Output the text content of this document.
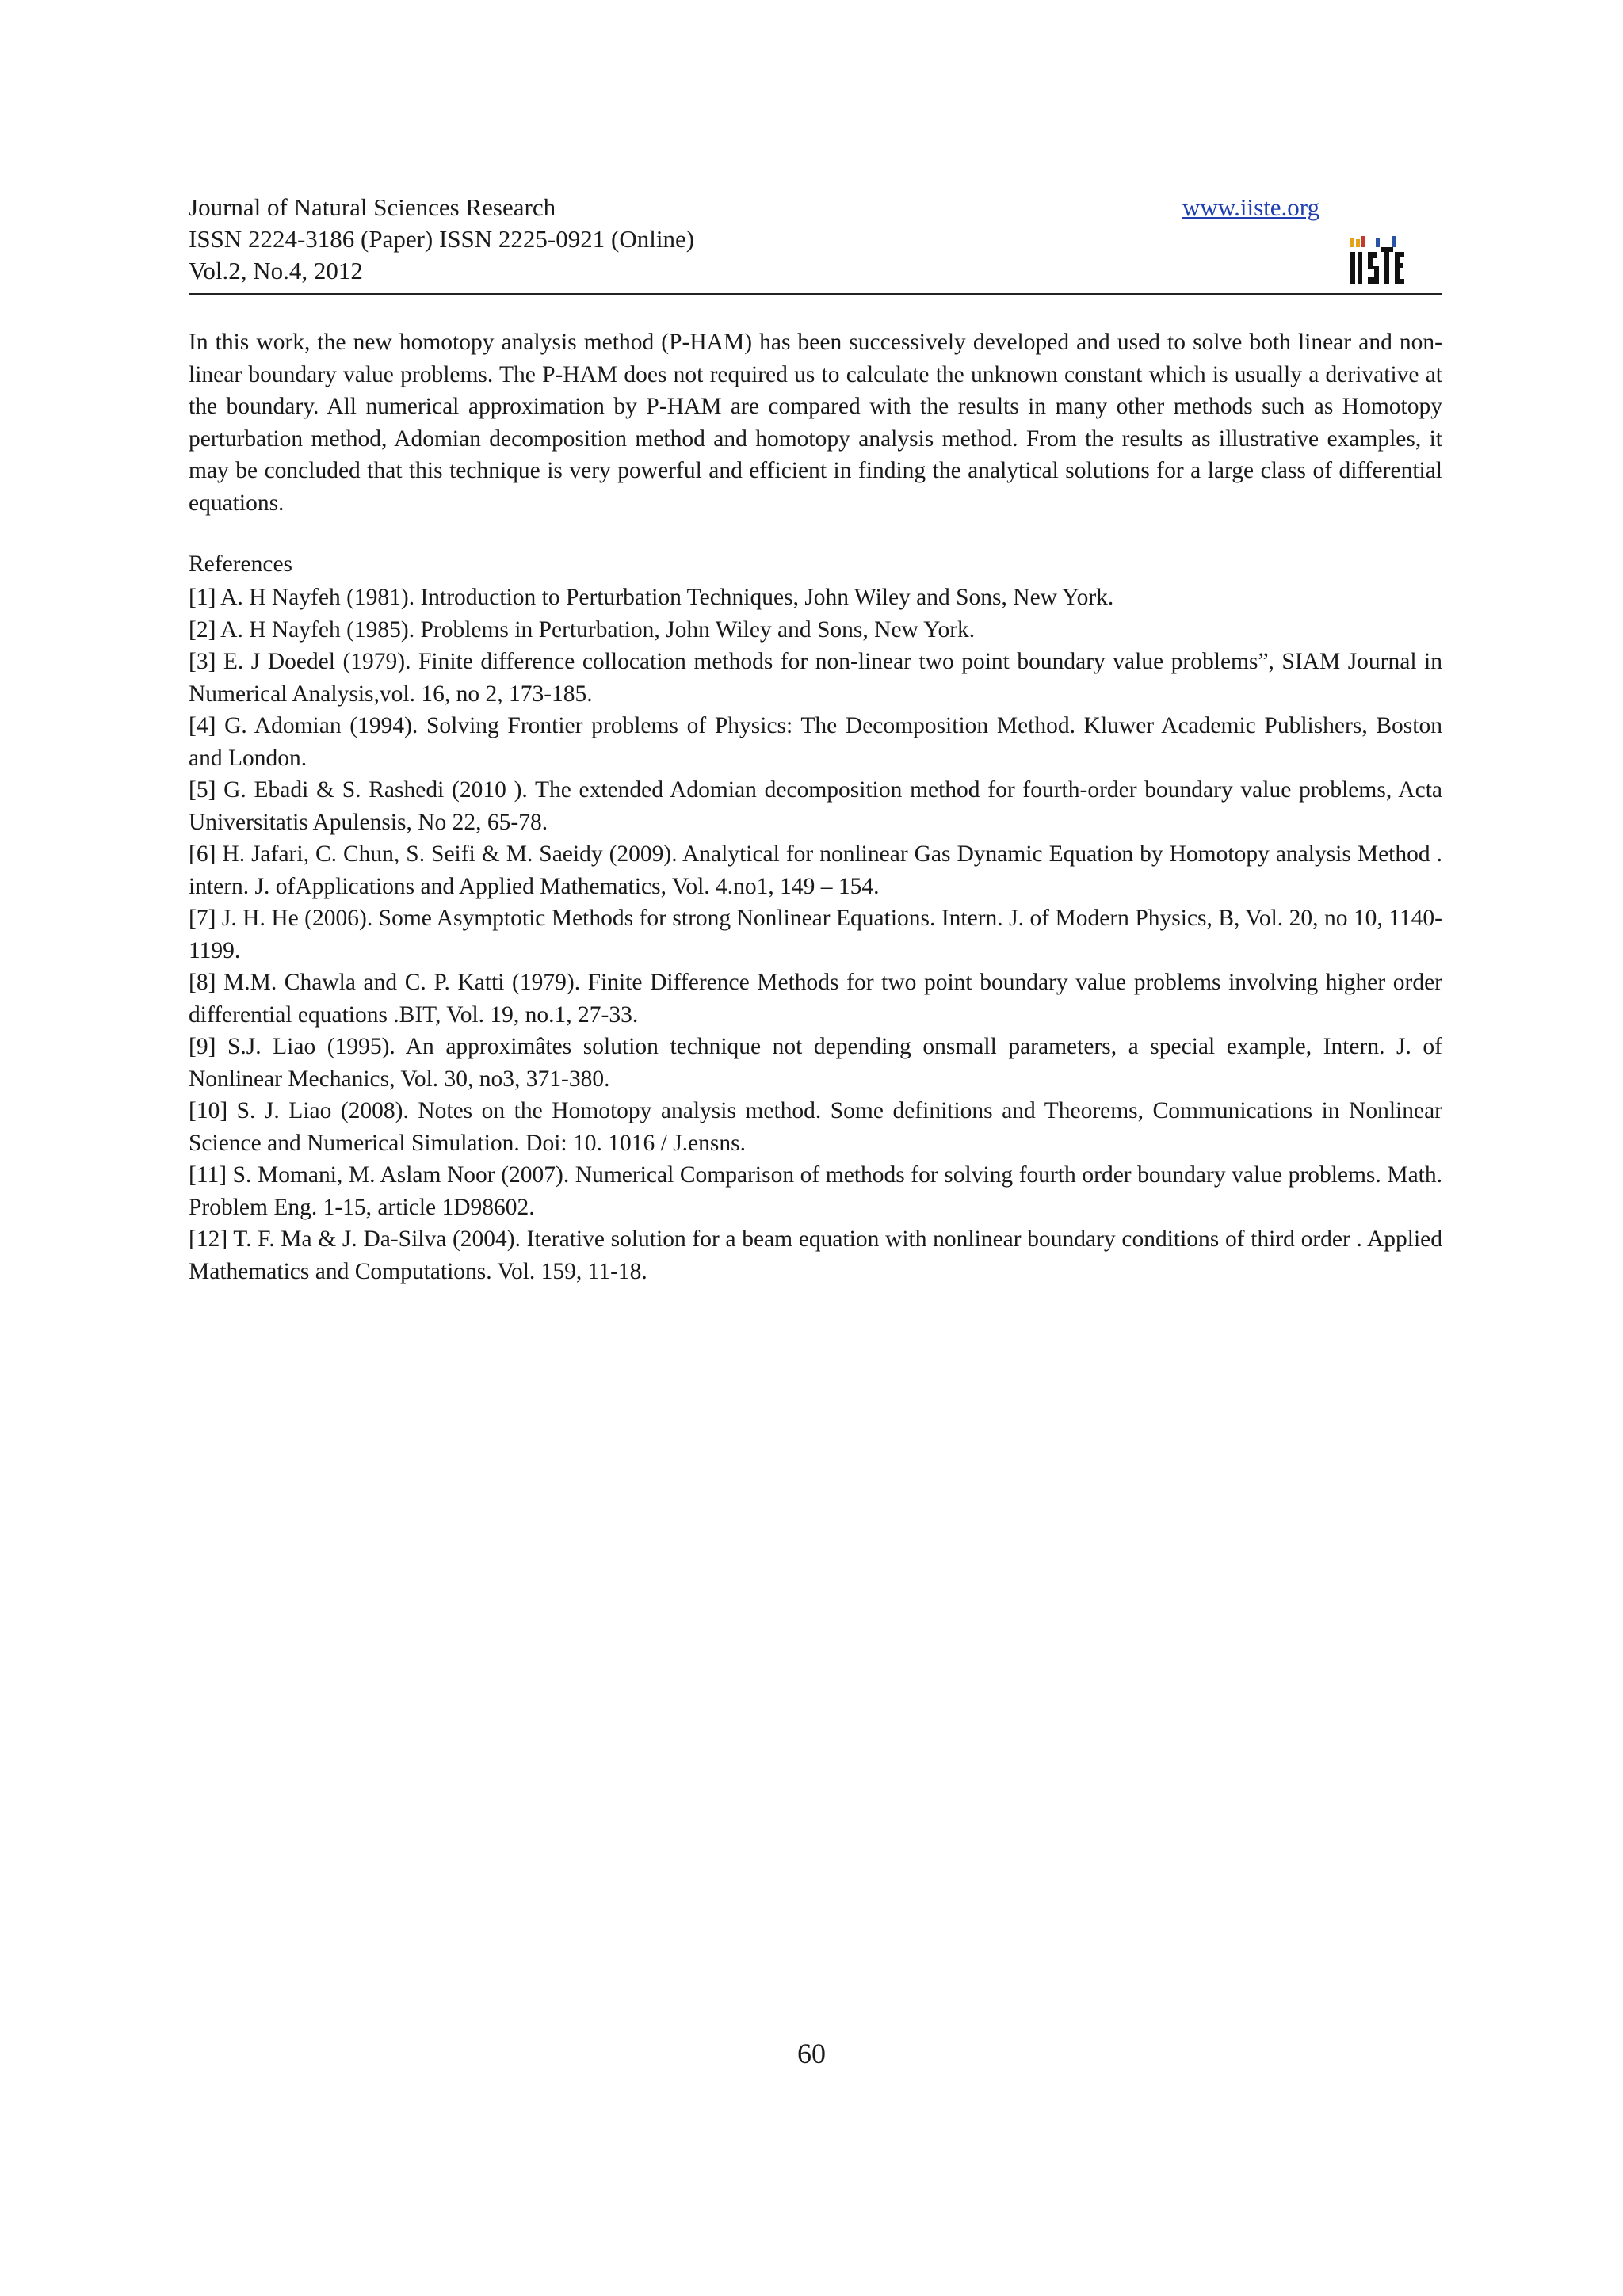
Journal of Natural Sciences Research
ISSN 2224-3186 (Paper) ISSN 2225-0921 (Online)
Vol.2, No.4, 2012
www.iiste.org
In this work, the new homotopy analysis method (P-HAM) has been successively developed and used to solve both linear and non-linear boundary value problems. The P-HAM does not required us to calculate the unknown constant which is usually a derivative at the boundary. All numerical approximation by P-HAM are compared with the results in many other methods such as Homotopy perturbation method, Adomian decomposition method and homotopy analysis method. From the results as illustrative examples, it may be concluded that this technique is very powerful and efficient in finding the analytical solutions for a large class of differential equations.
References

[1] A. H Nayfeh (1981). Introduction to Perturbation Techniques, John Wiley and Sons, New York.

[2] A. H Nayfeh (1985). Problems in Perturbation, John Wiley and Sons, New York.

[3] E. J Doedel (1979). Finite difference collocation methods for non-linear two point boundary value problems”, SIAM Journal in Numerical Analysis,vol. 16, no 2, 173-185.

[4] G. Adomian (1994). Solving Frontier problems of Physics: The Decomposition Method. Kluwer Academic Publishers, Boston and London.

[5] G. Ebadi & S. Rashedi (2010 ). The extended Adomian decomposition method for fourth-order boundary value problems, Acta Universitatis Apulensis, No 22, 65-78.

[6] H. Jafari, C. Chun, S. Seifi & M. Saeidy (2009). Analytical for nonlinear Gas Dynamic Equation by Homotopy analysis Method . intern. J. ofApplications and Applied Mathematics, Vol. 4.no1, 149 – 154.

[7] J. H. He (2006). Some Asymptotic Methods for strong Nonlinear Equations. Intern. J. of Modern Physics, B, Vol. 20, no 10, 1140-1199.

[8] M.M. Chawla and C. P. Katti (1979). Finite Difference Methods for two point boundary value problems involving higher order differential equations .BIT, Vol. 19, no.1, 27-33.

[9] S.J. Liao (1995). An approximâtes solution technique not depending onsmall parameters, a special example, Intern. J. of Nonlinear Mechanics, Vol. 30, no3, 371-380.

[10] S. J. Liao (2008). Notes on the Homotopy analysis method. Some definitions and Theorems, Communications in Nonlinear Science and Numerical Simulation. Doi: 10. 1016 / J.ensns.

[11] S. Momani, M. Aslam Noor (2007). Numerical Comparison of methods for solving fourth order boundary value problems. Math. Problem Eng. 1-15, article 1D98602.

[12] T. F. Ma & J. Da-Silva (2004). Iterative solution for a beam equation with nonlinear boundary conditions of third order . Applied Mathematics and Computations. Vol. 159, 11-18.

60
